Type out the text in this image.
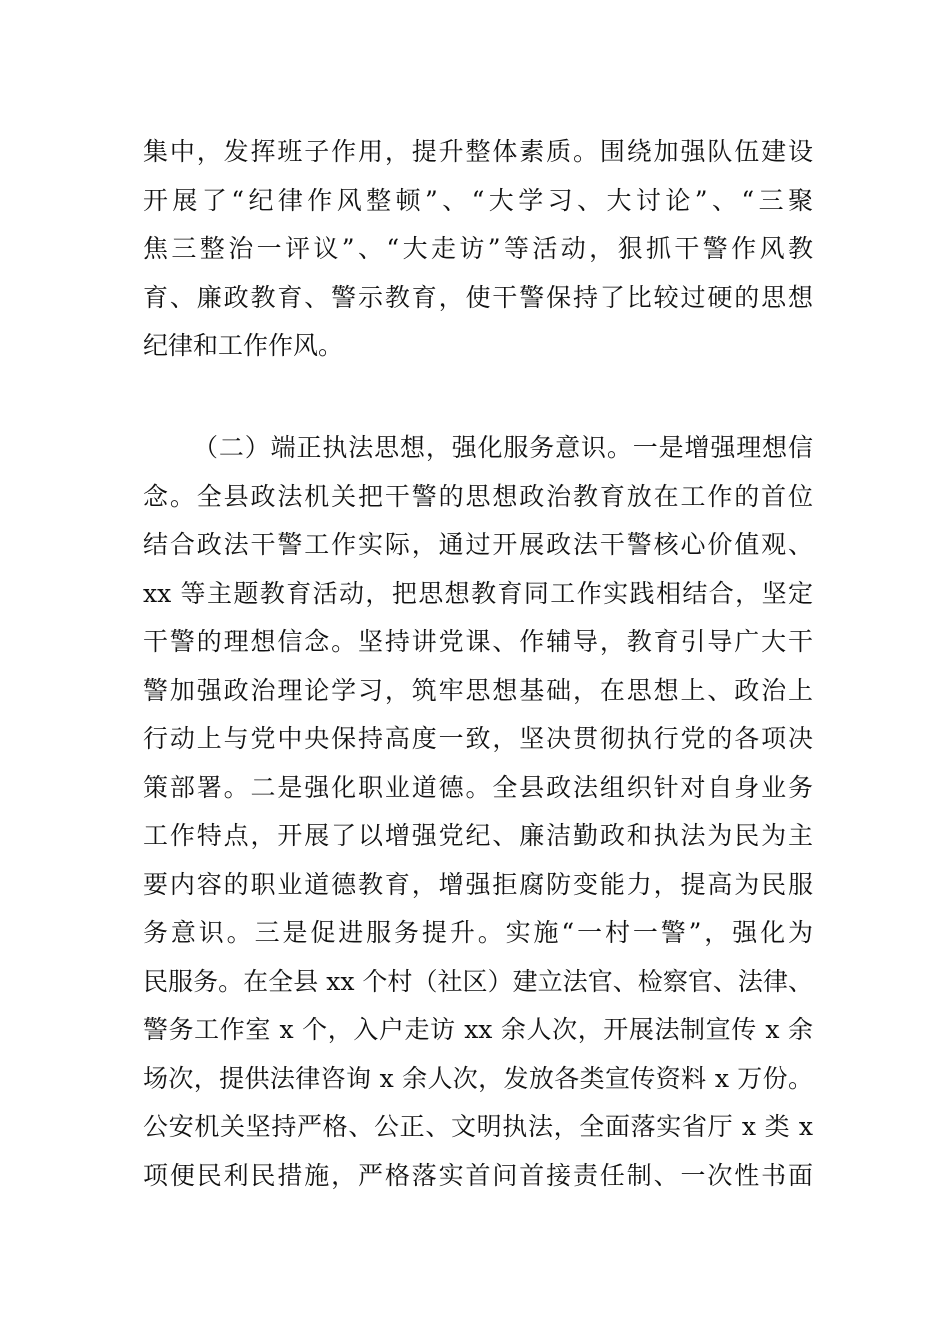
集中，发挥班子作用，提升整体素质。围绕加强队伍建设
开展了“纪律作风整顿”、“大学习、大讨论”、“三聚
焦三整治一评议”、“大走访”等活动，狠抓干警作风教
育、廉政教育、警示教育，使干警保持了比较过硬的思想
纪律和工作作风。
（二）端正执法思想，强化服务意识。一是增强理想信
念。全县政法机关把干警的思想政治教育放在工作的首位
结合政法干警工作实际，通过开展政法干警核心价值观、
xx 等主题教育活动，把思想教育同工作实践相结合，坚定
干警的理想信念。坚持讲党课、作辅导，教育引导广大干
警加强政治理论学习，筑牢思想基础，在思想上、政治上
行动上与党中央保持高度一致，坚决贯彻执行党的各项决
策部署。二是强化职业道德。全县政法组织针对自身业务
工作特点，开展了以增强党纪、廉洁勤政和执法为民为主
要内容的职业道德教育，增强拒腐防变能力，提高为民服
务意识。三是促进服务提升。实施“一村一警”，强化为
民服务。在全县 xx 个村（社区）建立法官、检察官、法律、
警务工作室 x 个，入户走访 xx 余人次，开展法制宣传 x 余
场次，提供法律咨询 x 余人次，发放各类宣传资料 x 万份。
公安机关坚持严格、公正、文明执法，全面落实省厅 x 类 x
项便民利民措施，严格落实首问首接责任制、一次性书面
